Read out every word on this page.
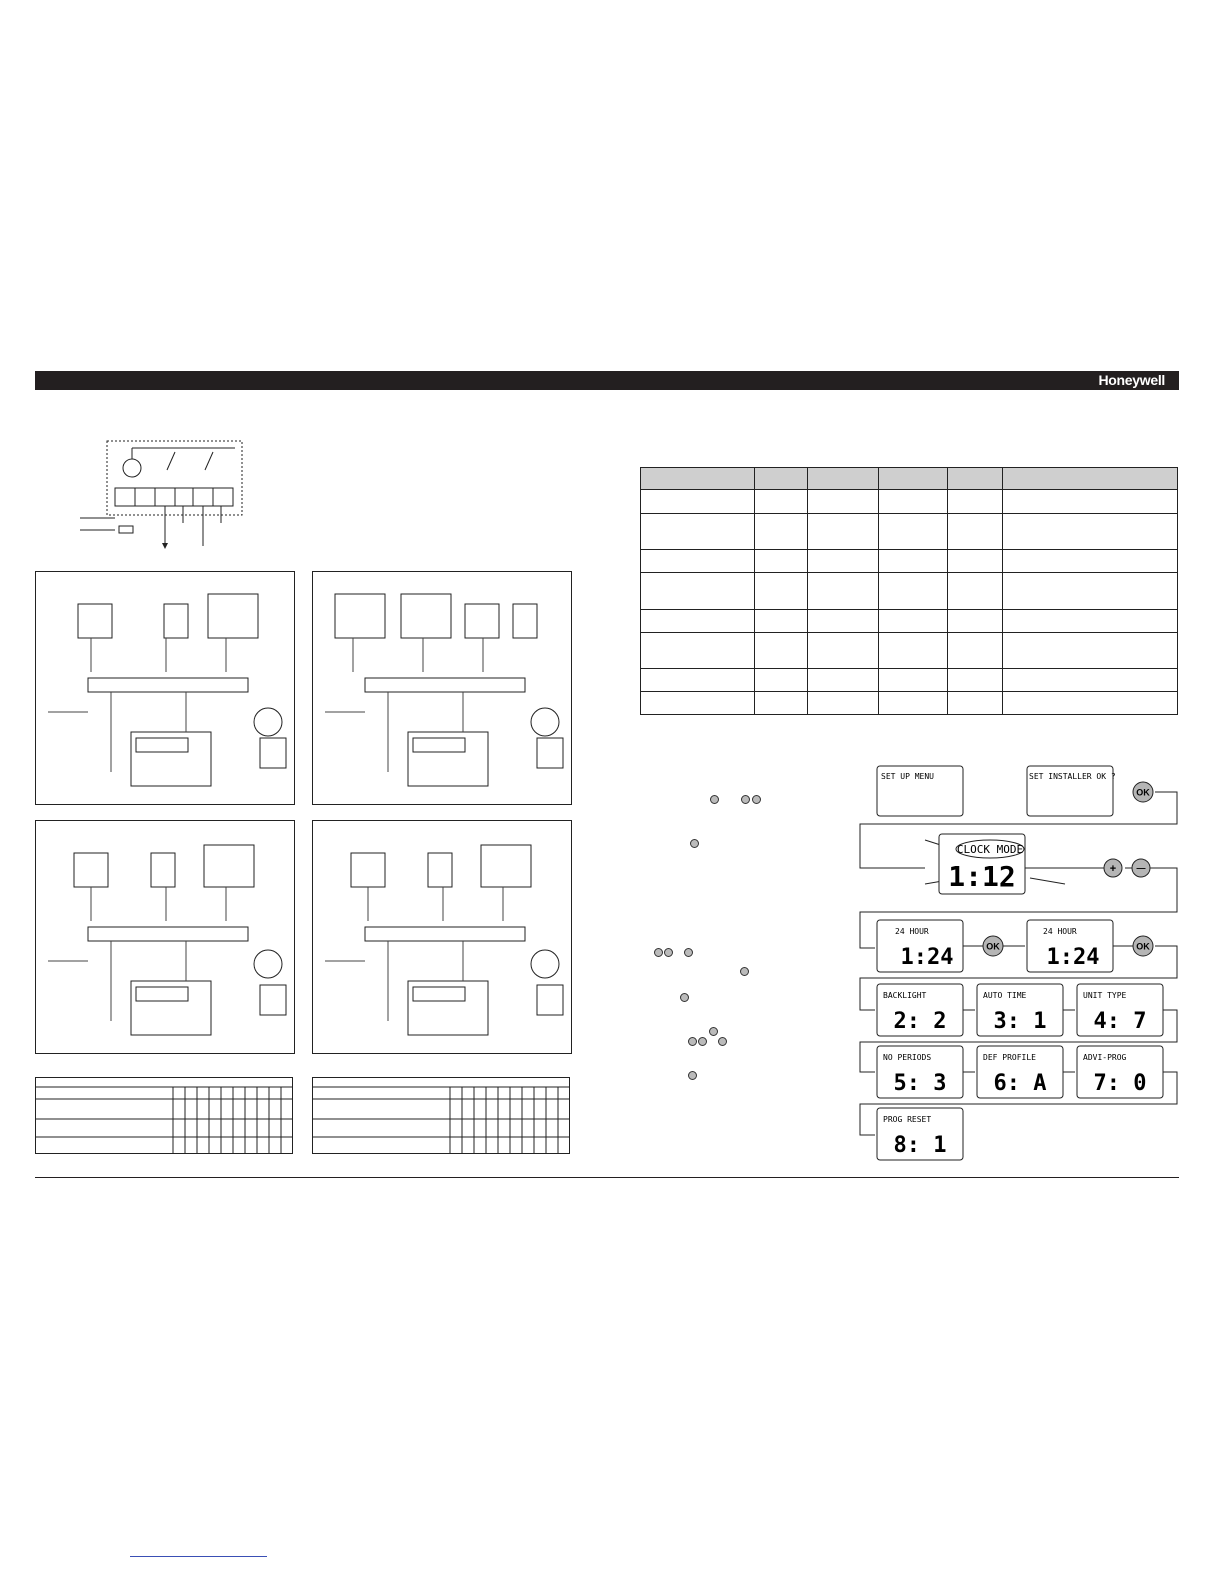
Honeywell

SET UP MENU	SET INSTALLER OK ?
OK
CLOCK MODE
1:12	+ —
24 HOUR
1:24	OK
24 HOUR
1:24	OK
BACKLIGHT
2: 2
AUTO TIME
3: 1
UNIT TYPE
4: 7
NO PERIODS
5: 3
DEF PROFILE
6: A
ADVI-PROG
7: 0
PROG RESET
8: 1
